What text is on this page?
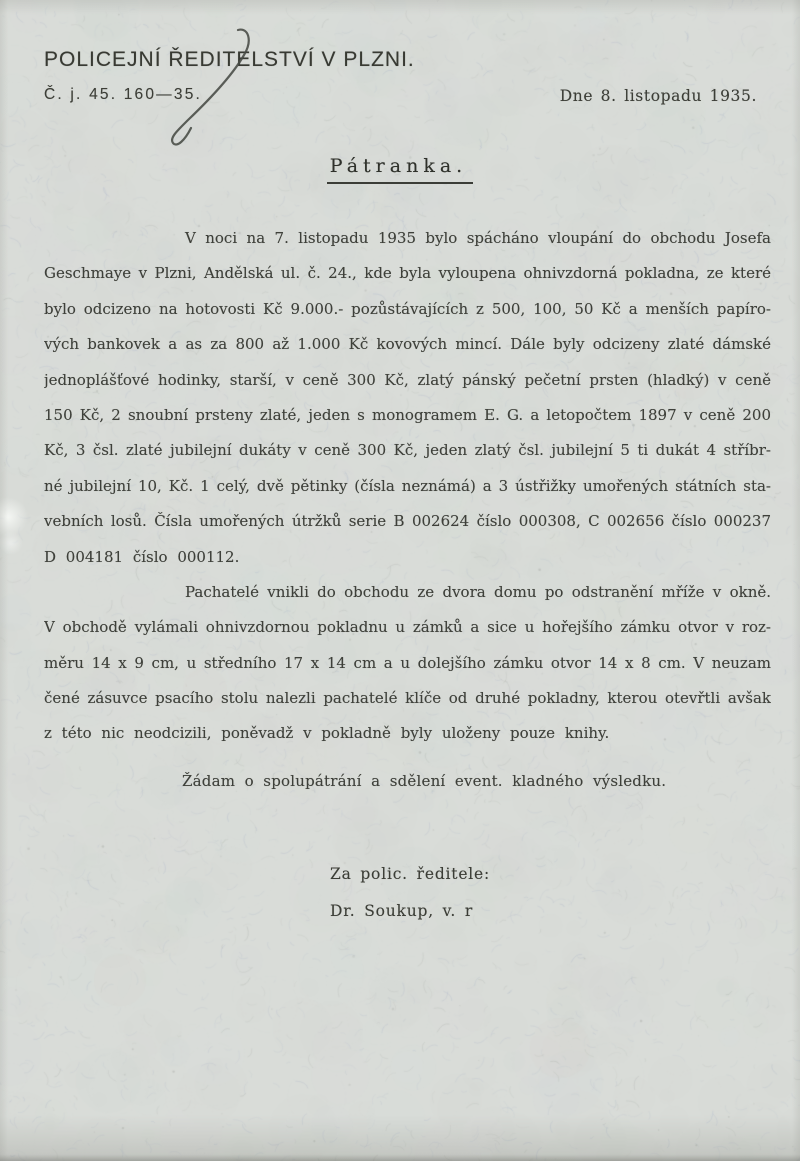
POLICEJNÍ ŘEDITELSTVÍ V PLZNI.
Č. j. 45. 160—35.	Dne 8. listopadu 1935.
Pátranka.
V noci na 7. listopadu 1935 bylo spácháno vloupání do obchodu Josefa
Geschmaye v Plzni, Andělská ul. č. 24., kde byla vyloupena ohnivzdorná pokladna, ze které
bylo odcizeno na hotovosti Kč 9.000.- pozůstávajících z 500, 100, 50 Kč a menších papíro-
vých bankovek a as za 800 až 1.000 Kč kovových mincí. Dále byly odcizeny zlaté dámské
jednoplášťové hodinky, starší, v ceně 300 Kč, zlatý pánský pečetní prsten (hladký) v ceně
150 Kč, 2 snoubní prsteny zlaté, jeden s monogramem E. G. a letopočtem 1897 v ceně 200
Kč, 3 čsl. zlaté jubilejní dukáty v ceně 300 Kč, jeden zlatý čsl. jubilejní 5 ti dukát 4 stříbr-
né jubilejní 10, Kč. 1 celý, dvě pětinky (čísla neznámá) a 3 ústřižky umořených státních sta-
vebních losů. Čísla umořených útržků serie B 002624 číslo 000308, C 002656 číslo 000237
D 004181 číslo 000112.
Pachatelé vnikli do obchodu ze dvora domu po odstranění mříže v okně.
V obchodě vylámali ohnivzdornou pokladnu u zámků a sice u hořejšího zámku otvor v roz-
měru 14 x 9 cm, u středního 17 x 14 cm a u dolejšího zámku otvor 14 x 8 cm. V neuzam
čené zásuvce psacího stolu nalezli pachatelé klíče od druhé pokladny, kterou otevřtli avšak
z této nic neodcizili, poněvadž v pokladně byly uloženy pouze knihy.
Žádam o spolupátrání a sdělení event. kladného výsledku.
Za polic. ředitele:
Dr. Soukup, v. r
